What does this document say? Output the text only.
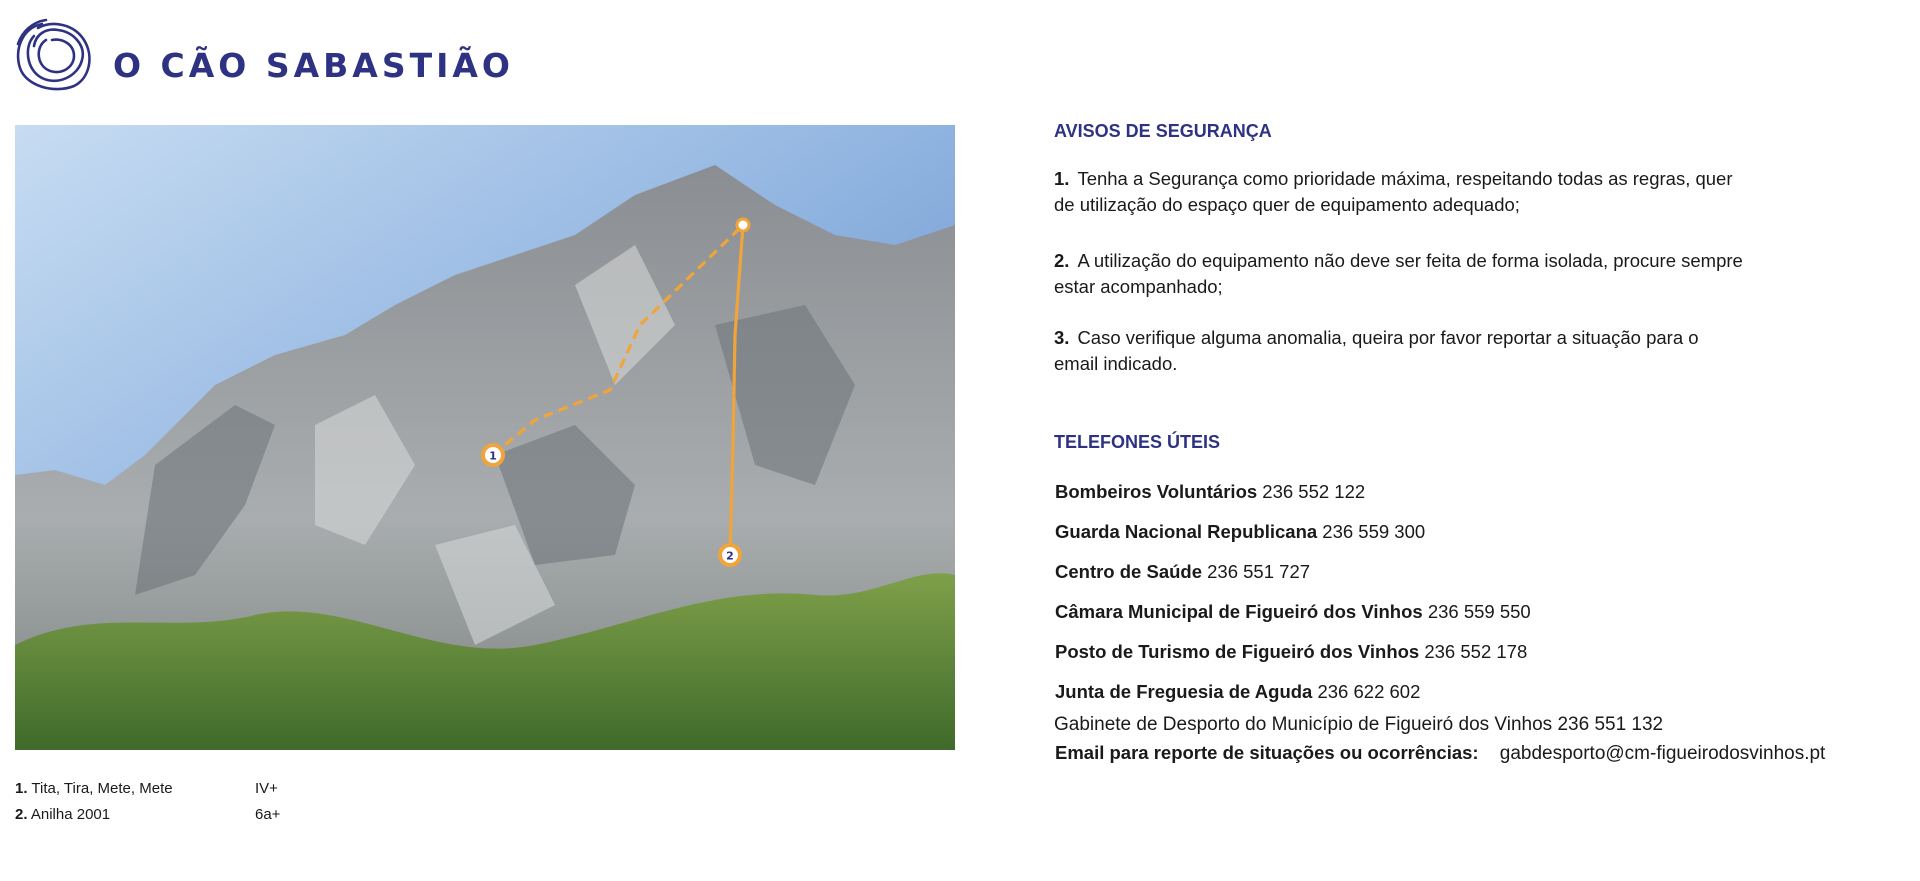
O CÃO SABASTIÃO
1
2
1. Tita, Tira, Mete, Mete	IV+
2. Anilha 2001	6a+
AVISOS DE SEGURANÇA

1. Tenha a Segurança como prioridade máxima, respeitando todas as regras, quer de utilização do espaço quer de equipamento adequado;

2. A utilização do equipamento não deve ser feita de forma isolada, procure sempre estar acompanhado;

3. Caso verifique alguma anomalia, queira por favor reportar a situação para o email indicado.

TELEFONES ÚTEIS
Bombeiros Voluntários 236 552 122
Guarda Nacional Republicana 236 559 300
Centro de Saúde 236 551 727
Câmara Municipal de Figueiró dos Vinhos 236 559 550
Posto de Turismo de Figueiró dos Vinhos 236 552 178
Junta de Freguesia de Aguda 236 622 602
Gabinete de Desporto do Município de Figueiró dos Vinhos 236 551 132
Email para reporte de situações ou ocorrências: gabdesporto@cm-figueirodosvinhos.pt
